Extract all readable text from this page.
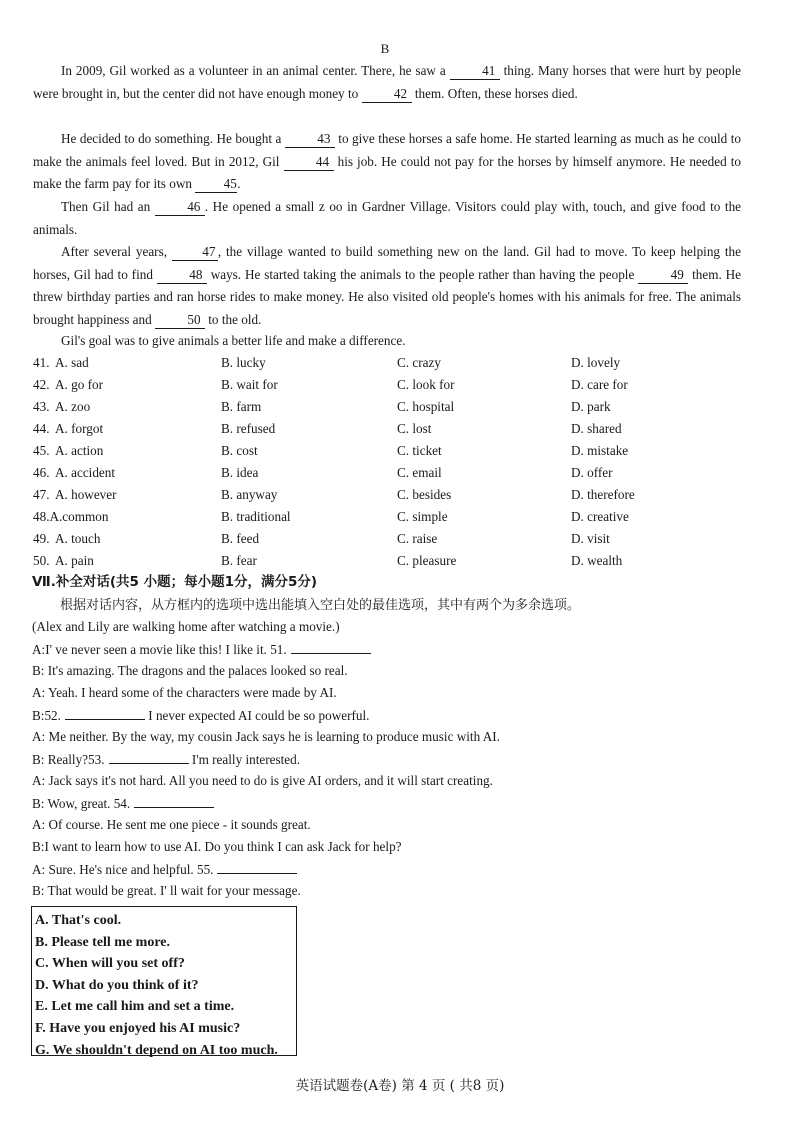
B
In 2009, Gil worked as a volunteer in an animal center. There, he saw a	41 thing. Many horses that were hurt by people were brought in, but the center did not have enough money to	42 them. Often, these horses died.
He decided to do something. He bought a	43 to give these horses a safe home. He started learning as much as he could to make the animals feel loved. But in 2012, Gil	44 his job. He could not pay for the horses by himself anymore. He needed to make the farm pay for its own 45.
Then Gil had an	46 . He opened a small z oo in Gardner Village. Visitors could play with, touch, and give food to the animals.
After several years,	47 , the village wanted to build something new on the land. Gil had to move. To keep helping the horses, Gil had to find	48 ways. He started taking the animals to the people rather than having the people	49 them. He threw birthday parties and ran horse rides to make money. He also visited old people's homes with his animals for free. The animals brought happiness and	50 to the old.
Gil's goal was to give animals a better life and make a difference.
41. A. sad	B. lucky	C. crazy	D. lovely
42. A. go for	B. wait for	C. look for	D. care for
43. A. zoo	B. farm	C. hospital	D. park
44. A. forgot	B. refused	C. lost	D. shared
45. A. action	B. cost	C. ticket	D. mistake
46. A. accident	B. idea	C. email	D. offer
47. A. however	B. anyway	C. besides	D. therefore
48.A.common	B. traditional	C. simple	D. creative
49. A. touch	B. feed	C. raise	D. visit
50. A. pain	B. fear	C. pleasure	D. wealth
Ⅶ.补全对话(共5 小题；每小题1分，满分5分)
根据对话内容，从方框内的选项中选出能填入空白处的最佳选项，其中有两个为多余选项。
(Alex and Lily are walking home after watching a movie.)
A:I' ve never seen a movie like this! I like it. 51.
B: It's amazing. The dragons and the palaces looked so real.
A: Yeah. I heard some of the characters were made by AI.
B:52.	I never expected AI could be so powerful.
A: Me neither. By the way, my cousin Jack says he is learning to produce music with AI.
B: Really?53.	I'm really interested.
A: Jack says it's not hard. All you need to do is give AI orders, and it will start creating.
B: Wow, great. 54.
A: Of course. He sent me one piece - it sounds great.
B:I want to learn how to use AI. Do you think I can ask Jack for help?
A: Sure. He's nice and helpful. 55.
B: That would be great. I' ll wait for your message.
A. That's cool.
B. Please tell me more.
C. When will you set off?
D. What do you think of it?
E. Let me call him and set a time.
F. Have you enjoyed his AI music?
G. We shouldn't depend on AI too much.
英语试题卷(A卷) 第 4 页 ( 共8 页)
